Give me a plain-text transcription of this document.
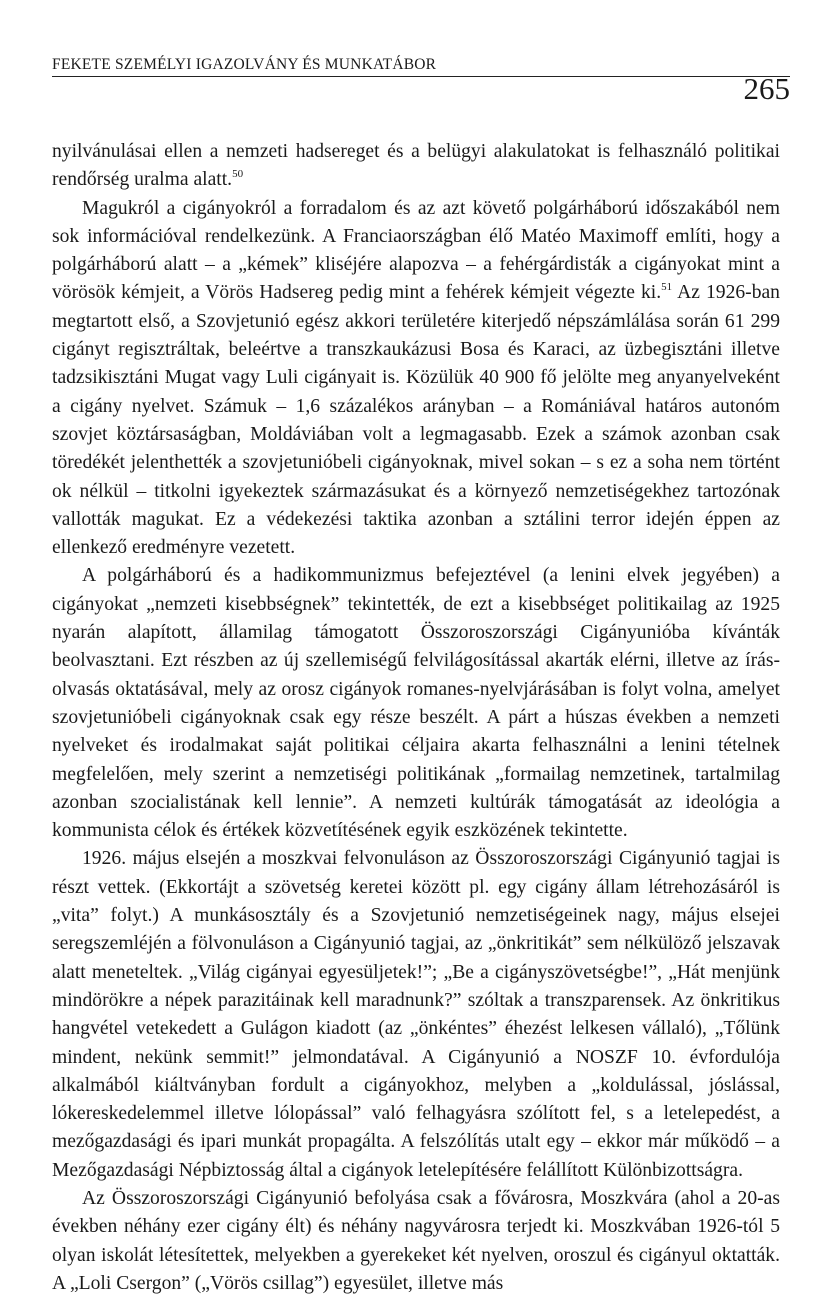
FEKETE SZEMÉLYI IGAZOLVÁNY ÉS MUNKATÁBOR
265

nyilvánulásai ellen a nemzeti hadsereget és a belügyi alakulatokat is felhasználó politikai rendőrség uralma alatt.$^{50}$

Magukról a cigányokról a forradalom és az azt követő polgárháború időszakából nem sok információval rendelkezünk. A Franciaországban élő Matéo Maximoff említi, hogy a polgárháború alatt – a „kémek” kliséjére alapozva – a fehérgárdisták a cigányokat mint a vörösök kémjeit, a Vörös Hadsereg pedig mint a fehérek kémjeit végezte ki.$^{51}$ Az 1926-ban megtartott első, a Szovjetunió egész akkori területére kiterjedő népszámlálása során 61 299 cigányt regisztráltak, beleértve a transzkaukázusi Bosa és Karaci, az üzbegisztáni illetve tadzsikisztáni Mugat vagy Luli cigányait is. Közülük 40 900 fő jelölte meg anyanyelveként a cigány nyelvet. Számuk – 1,6 százalékos arányban – a Romániával határos autonóm szovjet köztársaságban, Moldáviában volt a legmagasabb. Ezek a számok azonban csak töredékét jelenthették a szovjetunióbeli cigányoknak, mivel sokan – s ez a soha nem történt ok nélkül – titkolni igyekeztek származásukat és a környező nemzetiségekhez tartozónak vallották magukat. Ez a védekezési taktika azonban a sztálini terror idején éppen az ellenkező eredményre vezetett.

A polgárháború és a hadikommunizmus befejeztével (a lenini elvek jegyében) a cigányokat „nemzeti kisebbségnek” tekintették, de ezt a kisebbséget politikailag az 1925 nyarán alapított, államilag támogatott Összoroszországi Cigányunióba kívánták beolvasztani. Ezt részben az új szellemiségű felvilágosítással akarták elérni, illetve az írás-olvasás oktatásával, mely az orosz cigányok romanes-nyelvjárásában is folyt volna, amelyet szovjetunióbeli cigányoknak csak egy része beszélt. A párt a húszas években a nemzeti nyelveket és irodalmakat saját politikai céljaira akarta felhasználni a lenini tételnek megfelelően, mely szerint a nemzetiségi politikának „formailag nemzetinek, tartalmilag azonban szocialistának kell lennie”. A nemzeti kultúrák támogatását az ideológia a kommunista célok és értékek közvetítésének egyik eszközének tekintette.

1926. május elsején a moszkvai felvonuláson az Összoroszországi Cigányunió tagjai is részt vettek. (Ekkortájt a szövetség keretei között pl. egy cigány állam létrehozásáról is „vita” folyt.) A munkásosztály és a Szovjetunió nemzetiségeinek nagy, május elsejei seregszemléjén a fölvonuláson a Cigányunió tagjai, az „önkritikát” sem nélkülöző jelszavak alatt meneteltek. „Világ cigányai egyesüljetek!”; „Be a cigányszövetségbe!”, „Hát menjünk mindörökre a népek parazitáinak kell maradnunk?” szóltak a transzparensek. Az önkritikus hangvétel vetekedett a Gulágon kiadott (az „önkéntes” éhezést lelkesen vállaló), „Tőlünk mindent, nekünk semmit!” jelmondatával. A Cigányunió a NOSZF 10. évfordulója alkalmából kiáltványban fordult a cigányokhoz, melyben a „koldulással, jóslással, lókereskedelemmel illetve lólopással” való felhagyásra szólított fel, s a letelepedést, a mezőgazdasági és ipari munkát propagálta. A felszólítás utalt egy – ekkor már működő – a Mezőgazdasági Népbiztosság által a cigányok letelepítésére felállított Különbizottságra.

Az Összoroszországi Cigányunió befolyása csak a fővárosra, Moszkvára (ahol a 20-as években néhány ezer cigány élt) és néhány nagyvárosra terjedt ki. Moszkvában 1926-tól 5 olyan iskolát létesítettek, melyekben a gyerekeket két nyelven, oroszul és cigányul oktatták. A „Loli Csergon” („Vörös csillag”) egyesület, illetve más
